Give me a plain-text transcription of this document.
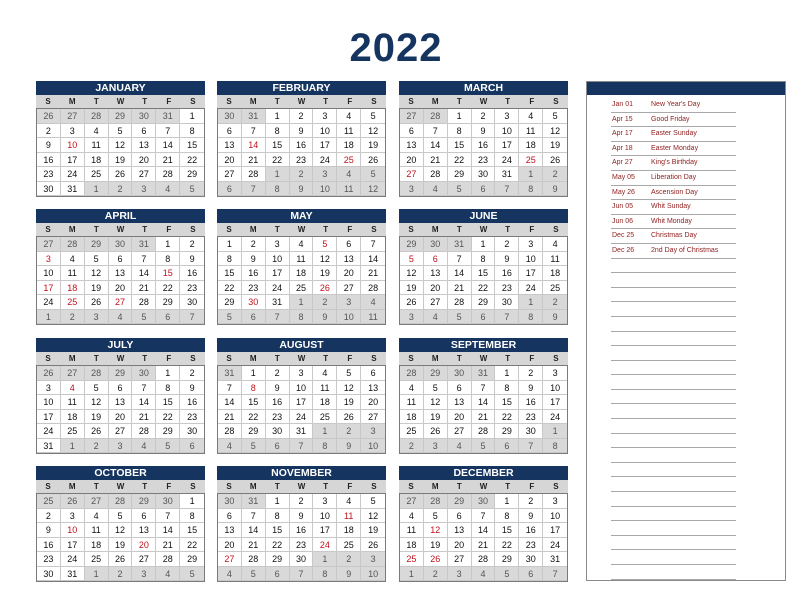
2022
JANUARY
S	M	T	W	T	F	S
26	27	28	29	30	31	1
2	3	4	5	6	7	8
9	10	11	12	13	14	15
16	17	18	19	20	21	22
23	24	25	26	27	28	29
30	31	1	2	3	4	5
FEBRUARY
S	M	T	W	T	F	S
30	31	1	2	3	4	5
6	7	8	9	10	11	12
13	14	15	16	17	18	19
20	21	22	23	24	25	26
27	28	1	2	3	4	5
6	7	8	9	10	11	12
MARCH
S	M	T	W	T	F	S
27	28	1	2	3	4	5
6	7	8	9	10	11	12
13	14	15	16	17	18	19
20	21	22	23	24	25	26
27	28	29	30	31	1	2
3	4	5	6	7	8	9
APRIL
S	M	T	W	T	F	S
27	28	29	30	31	1	2
3	4	5	6	7	8	9
10	11	12	13	14	15	16
17	18	19	20	21	22	23
24	25	26	27	28	29	30
1	2	3	4	5	6	7
MAY
S	M	T	W	T	F	S
1	2	3	4	5	6	7
8	9	10	11	12	13	14
15	16	17	18	19	20	21
22	23	24	25	26	27	28
29	30	31	1	2	3	4
5	6	7	8	9	10	11
JUNE
S	M	T	W	T	F	S
29	30	31	1	2	3	4
5	6	7	8	9	10	11
12	13	14	15	16	17	18
19	20	21	22	23	24	25
26	27	28	29	30	1	2
3	4	5	6	7	8	9
JULY
S	M	T	W	T	F	S
26	27	28	29	30	1	2
3	4	5	6	7	8	9
10	11	12	13	14	15	16
17	18	19	20	21	22	23
24	25	26	27	28	29	30
31	1	2	3	4	5	6
AUGUST
S	M	T	W	T	F	S
31	1	2	3	4	5	6
7	8	9	10	11	12	13
14	15	16	17	18	19	20
21	22	23	24	25	26	27
28	29	30	31	1	2	3
4	5	6	7	8	9	10
SEPTEMBER
S	M	T	W	T	F	S
28	29	30	31	1	2	3
4	5	6	7	8	9	10
11	12	13	14	15	16	17
18	19	20	21	22	23	24
25	26	27	28	29	30	1
2	3	4	5	6	7	8
OCTOBER
S	M	T	W	T	F	S
25	26	27	28	29	30	1
2	3	4	5	6	7	8
9	10	11	12	13	14	15
16	17	18	19	20	21	22
23	24	25	26	27	28	29
30	31	1	2	3	4	5
NOVEMBER
S	M	T	W	T	F	S
30	31	1	2	3	4	5
6	7	8	9	10	11	12
13	14	15	16	17	18	19
20	21	22	23	24	25	26
27	28	29	30	1	2	3
4	5	6	7	8	9	10
DECEMBER
S	M	T	W	T	F	S
27	28	29	30	1	2	3
4	5	6	7	8	9	10
11	12	13	14	15	16	17
18	19	20	21	22	23	24
25	26	27	28	29	30	31
1	2	3	4	5	6	7
Jan 01	New Year's Day
Apr 15	Good Friday
Apr 17	Easter Sunday
Apr 18	Easter Monday
Apr 27	King's Birthday
May 05 Liberation Day
May 26 Ascension Day
Jun 05	Whit Sunday
Jun 06	Whit Monday
Dec 25 Christmas Day
Dec 26 2nd Day of Christmas
